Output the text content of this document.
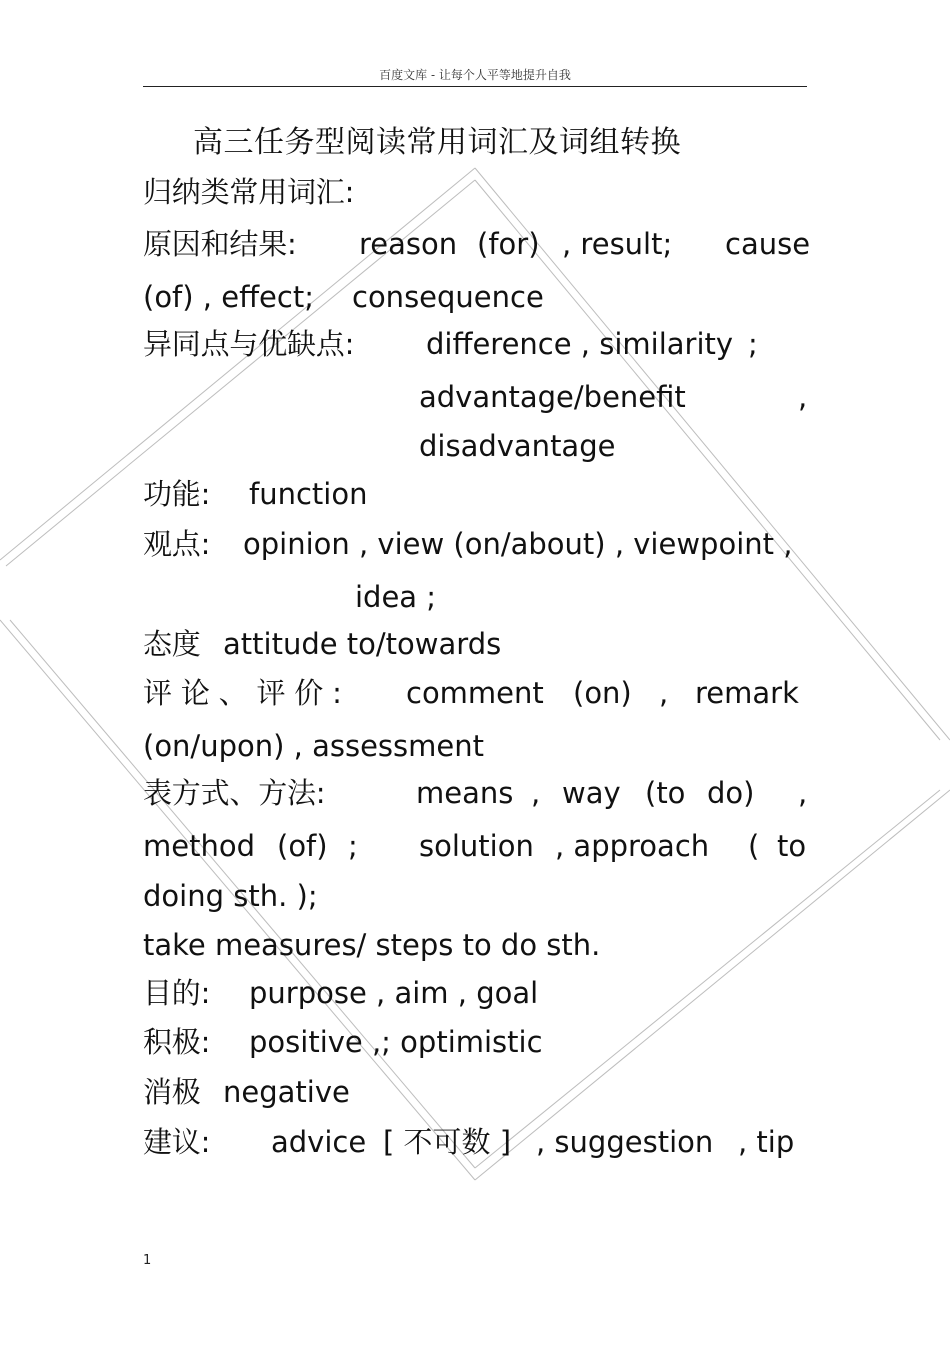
百度文库 - 让每个人平等地提升自我
高三任务型阅读常用词汇及词组转换
归纳类常用词汇:
原因和结果: reason (for) , result; cause
(of) , effect; consequence
异同点与优缺点: difference , similarity ;
advantage/benefit	,
disadvantage
功能: function
观点: opinion , view (on/about) , viewpoint ,
idea ;
态度 attitude to/towards
评 论 、 评 价 : comment (on) , remark
(on/upon) , assessment
表方式、方法:	means , way (to do) ,
method (of) ; solution , approach ( to
doing sth. );
take measures/ steps to do sth.
目的: purpose , aim , goal
积极: positive ,; optimistic
消极 negative
建议: advice [ 不可数 ] , suggestion , tip
1
